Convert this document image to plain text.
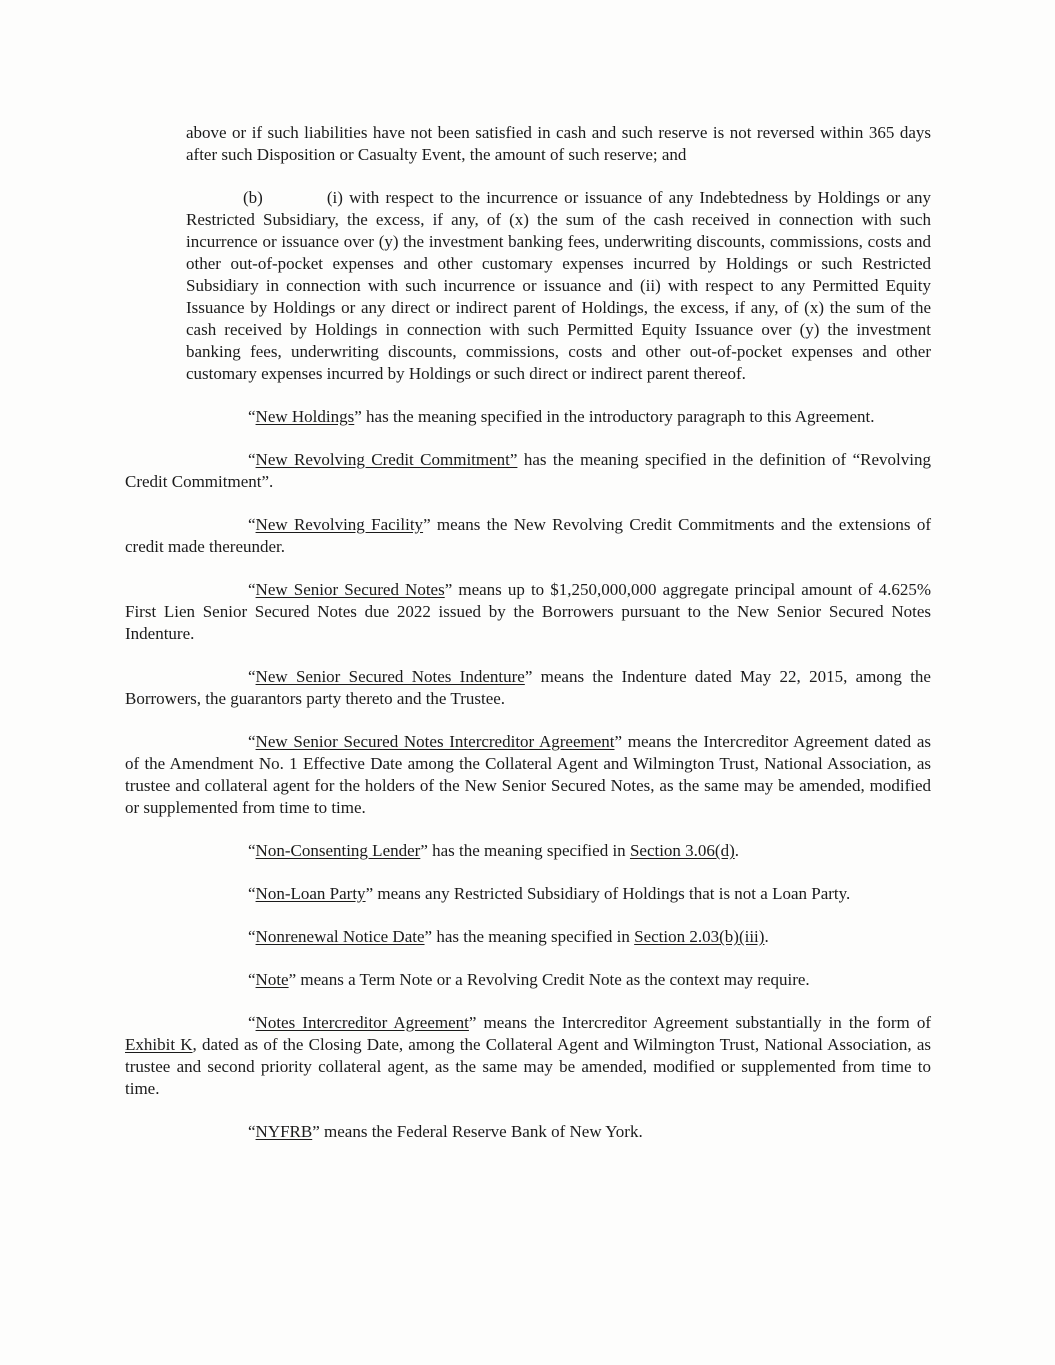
above or if such liabilities have not been satisfied in cash and such reserve is not reversed within 365 days after such Disposition or Casualty Event, the amount of such reserve; and

(b)	(i) with respect to the incurrence or issuance of any Indebtedness by Holdings or any Restricted Subsidiary, the excess, if any, of (x) the sum of the cash received in connection with such incurrence or issuance over (y) the investment banking fees, underwriting discounts, commissions, costs and other out-of-pocket expenses and other customary expenses incurred by Holdings or such Restricted Subsidiary in connection with such incurrence or issuance and (ii) with respect to any Permitted Equity Issuance by Holdings or any direct or indirect parent of Holdings, the excess, if any, of (x) the sum of the cash received by Holdings in connection with such Permitted Equity Issuance over (y) the investment banking fees, underwriting discounts, commissions, costs and other out-of-pocket expenses and other customary expenses incurred by Holdings or such direct or indirect parent thereof.

“New Holdings” has the meaning specified in the introductory paragraph to this Agreement.

“New Revolving Credit Commitment” has the meaning specified in the definition of “Revolving Credit Commitment”.

“New Revolving Facility” means the New Revolving Credit Commitments and the extensions of credit made thereunder.

“New Senior Secured Notes” means up to $1,250,000,000 aggregate principal amount of 4.625% First Lien Senior Secured Notes due 2022 issued by the Borrowers pursuant to the New Senior Secured Notes Indenture.

“New Senior Secured Notes Indenture” means the Indenture dated May 22, 2015, among the Borrowers, the guarantors party thereto and the Trustee.

“New Senior Secured Notes Intercreditor Agreement” means the Intercreditor Agreement dated as of the Amendment No. 1 Effective Date among the Collateral Agent and Wilmington Trust, National Association, as trustee and collateral agent for the holders of the New Senior Secured Notes, as the same may be amended, modified or supplemented from time to time.

“Non-Consenting Lender” has the meaning specified in Section 3.06(d).

“Non-Loan Party” means any Restricted Subsidiary of Holdings that is not a Loan Party.

“Nonrenewal Notice Date” has the meaning specified in Section 2.03(b)(iii).

“Note” means a Term Note or a Revolving Credit Note as the context may require.

“Notes Intercreditor Agreement” means the Intercreditor Agreement substantially in the form of Exhibit K, dated as of the Closing Date, among the Collateral Agent and Wilmington Trust, National Association, as trustee and second priority collateral agent, as the same may be amended, modified or supplemented from time to time.

“NYFRB” means the Federal Reserve Bank of New York.
